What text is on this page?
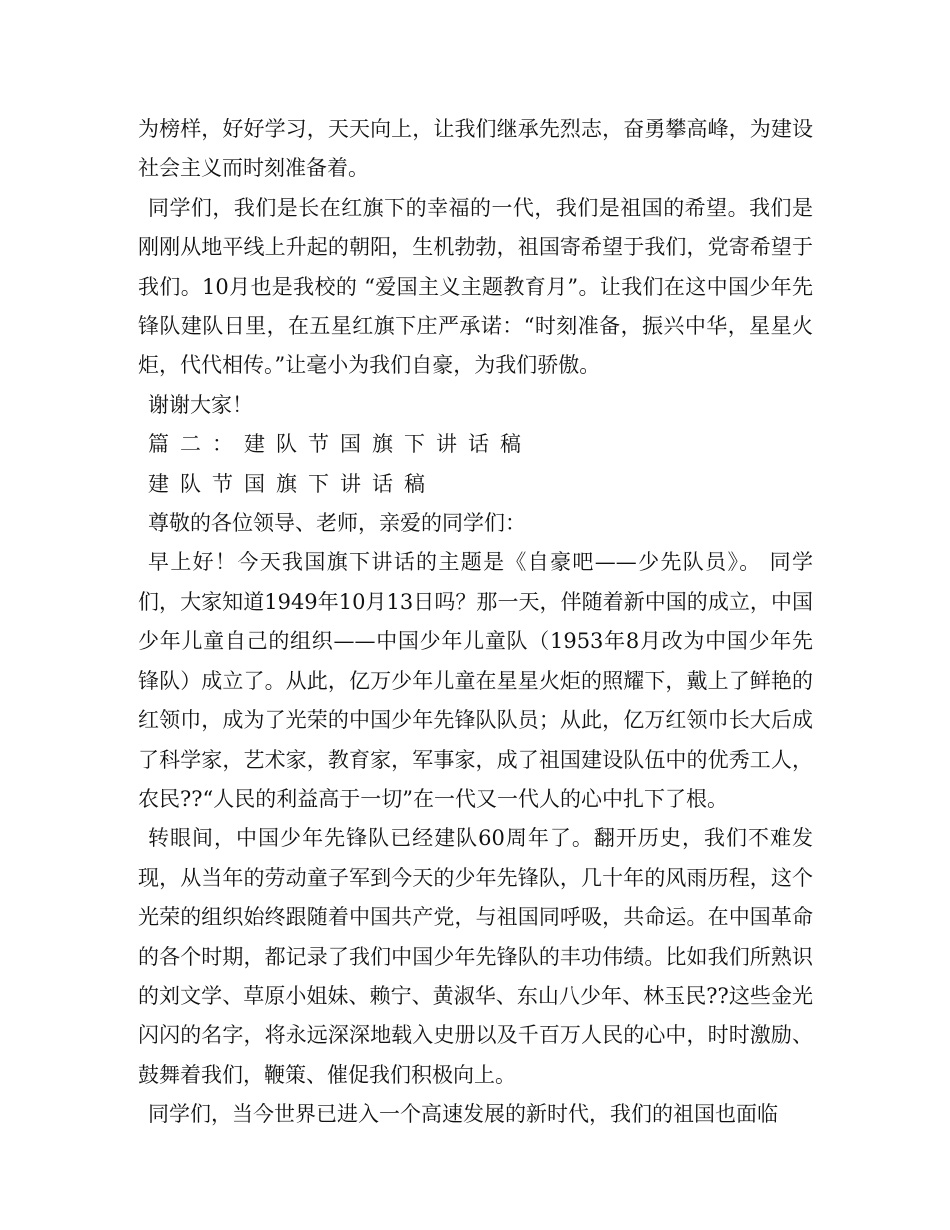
为榜样，好好学习，天天向上，让我们继承先烈志，奋勇攀高峰，为建设社会主义而时刻准备着。

同学们，我们是长在红旗下的幸福的一代，我们是祖国的希望。我们是刚刚从地平线上升起的朝阳，生机勃勃，祖国寄希望于我们，党寄希望于我们。10月也是我校的 “爱国主义主题教育月”。让我们在这中国少年先锋队建队日里，在五星红旗下庄严承诺：“时刻准备，振兴中华，星星火炬，代代相传。”让毫小为我们自豪，为我们骄傲。

谢谢大家！

篇二：建队节国旗下讲话稿

建队节国旗下讲话稿

尊敬的各位领导、老师，亲爱的同学们：

早上好！今天我国旗下讲话的主题是《自豪吧——少先队员》。 同学们，大家知道1949年10月13日吗？那一天，伴随着新中国的成立，中国少年儿童自己的组织——中国少年儿童队（1953年8月改为中国少年先锋队）成立了。从此，亿万少年儿童在星星火炬的照耀下，戴上了鲜艳的红领巾，成为了光荣的中国少年先锋队队员；从此，亿万红领巾长大后成了科学家，艺术家，教育家，军事家，成了祖国建设队伍中的优秀工人，农民??“人民的利益高于一切”在一代又一代人的心中扎下了根。

转眼间，中国少年先锋队已经建队60周年了。翻开历史，我们不难发现，从当年的劳动童子军到今天的少年先锋队，几十年的风雨历程，这个光荣的组织始终跟随着中国共产党，与祖国同呼吸，共命运。在中国革命的各个时期，都记录了我们中国少年先锋队的丰功伟绩。比如我们所熟识的刘文学、草原小姐妹、赖宁、黄淑华、东山八少年、林玉民??这些金光闪闪的名字，将永远深深地载入史册以及千百万人民的心中，时时激励、鼓舞着我们，鞭策、催促我们积极向上。

同学们，当今世界已进入一个高速发展的新时代，我们的祖国也面临
